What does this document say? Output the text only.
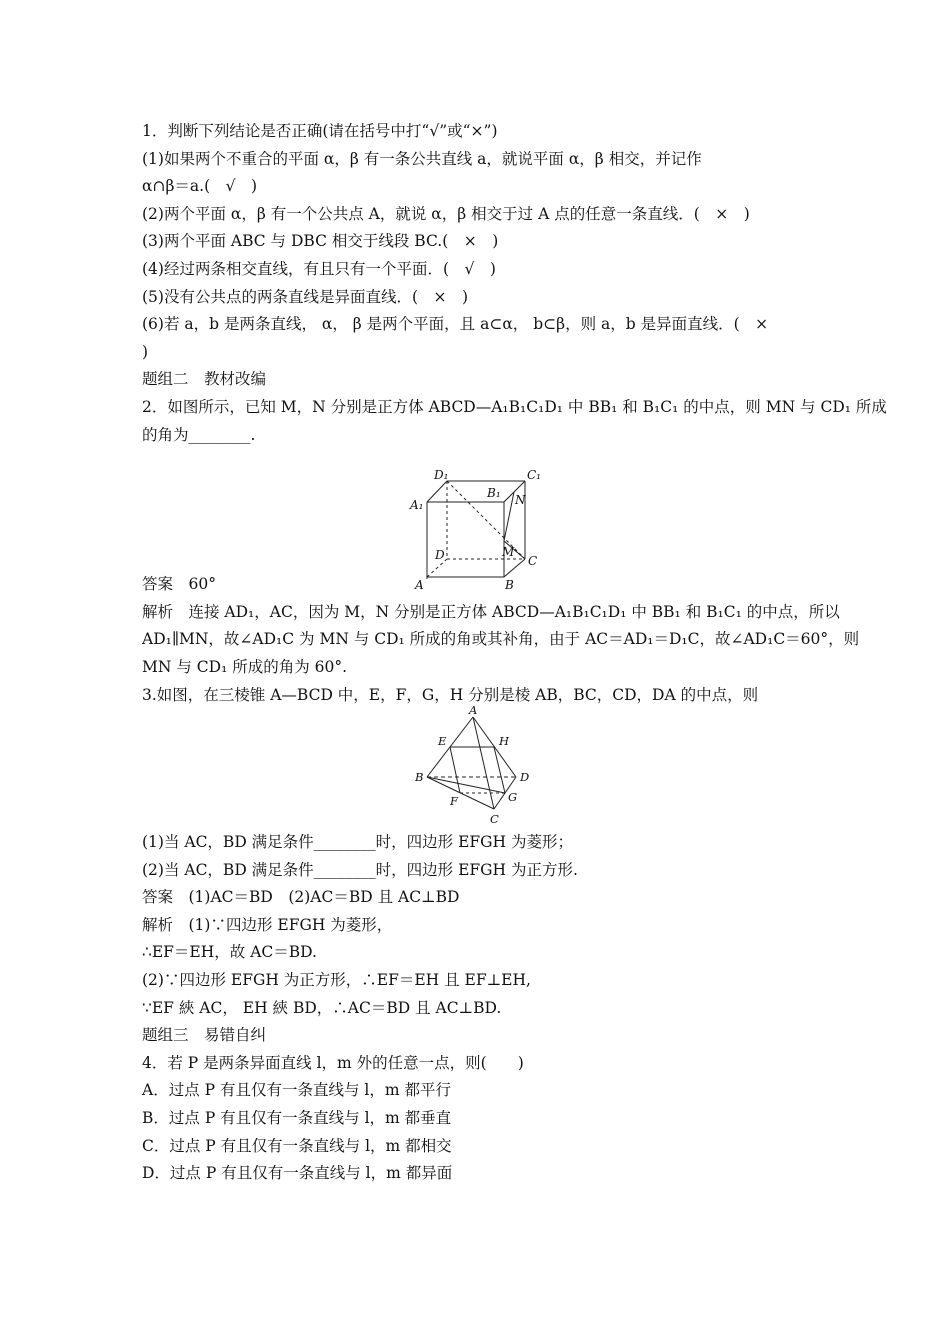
1．判断下列结论是否正确(请在括号中打“√”或“×”)
(1)如果两个不重合的平面 α，β 有一条公共直线 a，就说平面 α，β 相交，并记作
α∩β＝a.(　√　)
(2)两个平面 α，β 有一个公共点 A，就说 α，β 相交于过 A 点的任意一条直线．(　×　)
(3)两个平面 ABC 与 DBC 相交于线段 BC.(　×　)
(4)经过两条相交直线，有且只有一个平面．(　√　)
(5)没有公共点的两条直线是异面直线．(　×　)
(6)若 a，b 是两条直线， α， β 是两个平面，且 a⊂α， b⊂β，则 a，b 是异面直线．(　×
)
题组二　教材改编
2．如图所示，已知 M，N 分别是正方体 ABCD—A₁B₁C₁D₁ 中 BB₁ 和 B₁C₁ 的中点，则 MN 与 CD₁ 所成
的角为________.
D₁	C₁
A₁
B₁ N
D	M
C
A	B
答案　60°
解析　连接 AD₁，AC，因为 M，N 分别是正方体 ABCD—A₁B₁C₁D₁ 中 BB₁ 和 B₁C₁ 的中点，所以
AD₁∥MN，故∠AD₁C 为 MN 与 CD₁ 所成的角或其补角，由于 AC＝AD₁＝D₁C，故∠AD₁C＝60°，则
MN 与 CD₁ 所成的角为 60°.
3.如图，在三棱锥 A—BCD 中，E，F，G，H 分别是棱 AB，BC，CD，DA 的中点，则
A
E	H
B	D
F	G
C
(1)当 AC，BD 满足条件________时，四边形 EFGH 为菱形；
(2)当 AC，BD 满足条件________时，四边形 EFGH 为正方形.
答案　(1)AC＝BD　(2)AC＝BD 且 AC⊥BD
解析　(1)∵四边形 EFGH 为菱形，
∴EF＝EH，故 AC＝BD.
(2)∵四边形 EFGH 为正方形，∴EF＝EH 且 EF⊥EH,
∵EF 綊 AC， EH 綊 BD，∴AC＝BD 且 AC⊥BD.
题组三　易错自纠
4．若 P 是两条异面直线 l，m 外的任意一点，则(　　)
A．过点 P 有且仅有一条直线与 l，m 都平行
B．过点 P 有且仅有一条直线与 l，m 都垂直
C．过点 P 有且仅有一条直线与 l，m 都相交
D．过点 P 有且仅有一条直线与 l，m 都异面
